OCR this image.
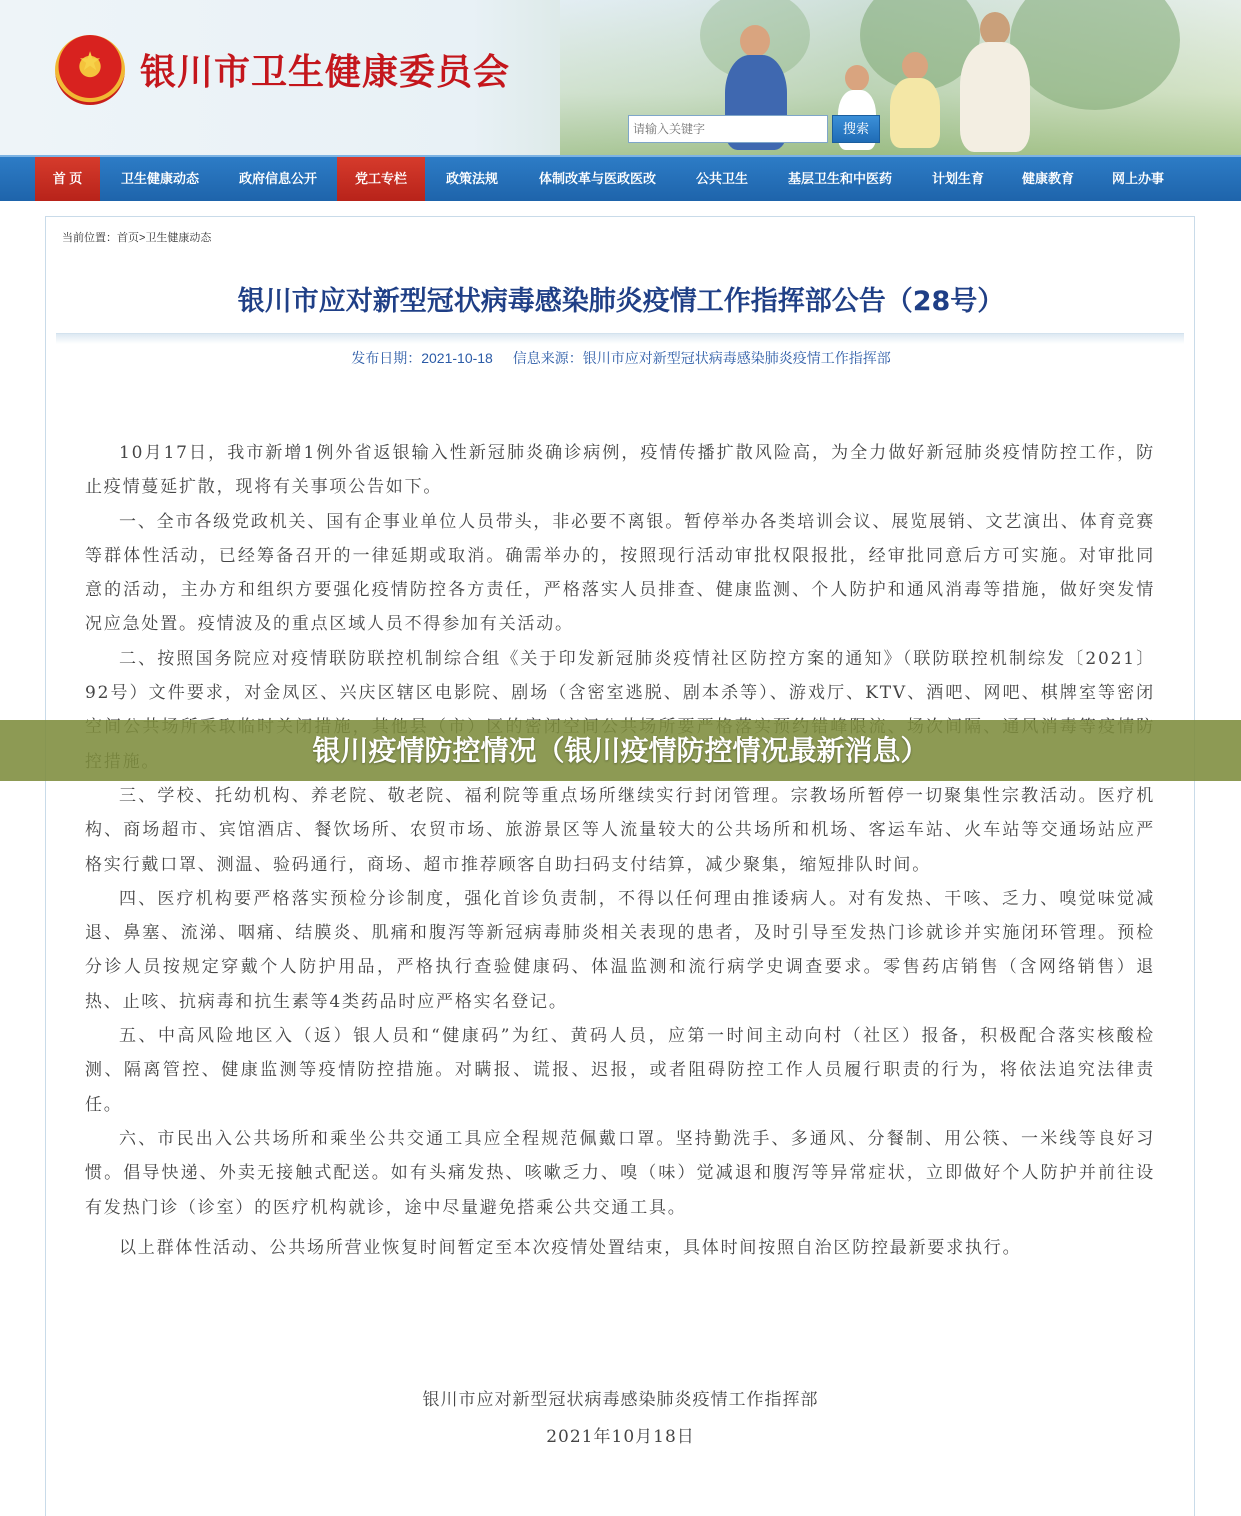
★	银川市卫生健康委员会
请输入关键字
搜索
首 页	卫生健康动态	政府信息公开	党工专栏	政策法规	体制改革与医政医改	公共卫生	基层卫生和中医药	计划生育	健康教育	网上办事
当前位置：首页>卫生健康动态
银川市应对新型冠状病毒感染肺炎疫情工作指挥部公告（28号）
发布日期：2021-10-18 信息来源：银川市应对新型冠状病毒感染肺炎疫情工作指挥部

10月17日，我市新增1例外省返银输入性新冠肺炎确诊病例，疫情传播扩散风险高，为全力做好新冠肺炎疫情防控工作，防止疫情蔓延扩散，现将有关事项公告如下。

一、全市各级党政机关、国有企事业单位人员带头，非必要不离银。暂停举办各类培训会议、展览展销、文艺演出、体育竞赛等群体性活动，已经筹备召开的一律延期或取消。确需举办的，按照现行活动审批权限报批，经审批同意后方可实施。对审批同意的活动，主办方和组织方要强化疫情防控各方责任，严格落实人员排查、健康监测、个人防护和通风消毒等措施，做好突发情况应急处置。疫情波及的重点区域人员不得参加有关活动。

二、按照国务院应对疫情联防联控机制综合组《关于印发新冠肺炎疫情社区防控方案的通知》（联防联控机制综发〔2021〕92号）文件要求，对金凤区、兴庆区辖区电影院、剧场（含密室逃脱、剧本杀等）、游戏厅、KTV、酒吧、网吧、棋牌室等密闭

三、学校、托幼机构、养老院、敬老院、福利院等重点场所继续实行封闭管理。宗教场所暂停一切聚集性宗教活动。医疗机构、商场超市、宾馆酒店、餐饮场所、农贸市场、旅游景区等人流量较大的公共场所和机场、客运车站、火车站等交通场站应严格实行戴口罩、测温、验码通行，商场、超市推荐顾客自助扫码支付结算，减少聚集，缩短排队时间。

四、医疗机构要严格落实预检分诊制度，强化首诊负责制，不得以任何理由推诿病人。对有发热、干咳、乏力、嗅觉味觉减退、鼻塞、流涕、咽痛、结膜炎、肌痛和腹泻等新冠病毒肺炎相关表现的患者，及时引导至发热门诊就诊并实施闭环管理。预检分诊人员按规定穿戴个人防护用品，严格执行查验健康码、体温监测和流行病学史调查要求。零售药店销售（含网络销售）退热、止咳、抗病毒和抗生素等4类药品时应严格实名登记。

五、中高风险地区入（返）银人员和“健康码”为红、黄码人员，应第一时间主动向村（社区）报备，积极配合落实核酸检测、隔离管控、健康监测等疫情防控措施。对瞒报、谎报、迟报，或者阻碍防控工作人员履行职责的行为，将依法追究法律责任。

六、市民出入公共场所和乘坐公共交通工具应全程规范佩戴口罩。坚持勤洗手、多通风、分餐制、用公筷、一米线等良好习惯。倡导快递、外卖无接触式配送。如有头痛发热、咳嗽乏力、嗅（味）觉减退和腹泻等异常症状，立即做好个人防护并前往设有发热门诊（诊室）的医疗机构就诊，途中尽量避免搭乘公共交通工具。

以上群体性活动、公共场所营业恢复时间暂定至本次疫情处置结束，具体时间按照自治区防控最新要求执行。

银川市应对新型冠状病毒感染肺炎疫情工作指挥部
2021年10月18日
银川疫情防控情况（银川疫情防控情况最新消息）
